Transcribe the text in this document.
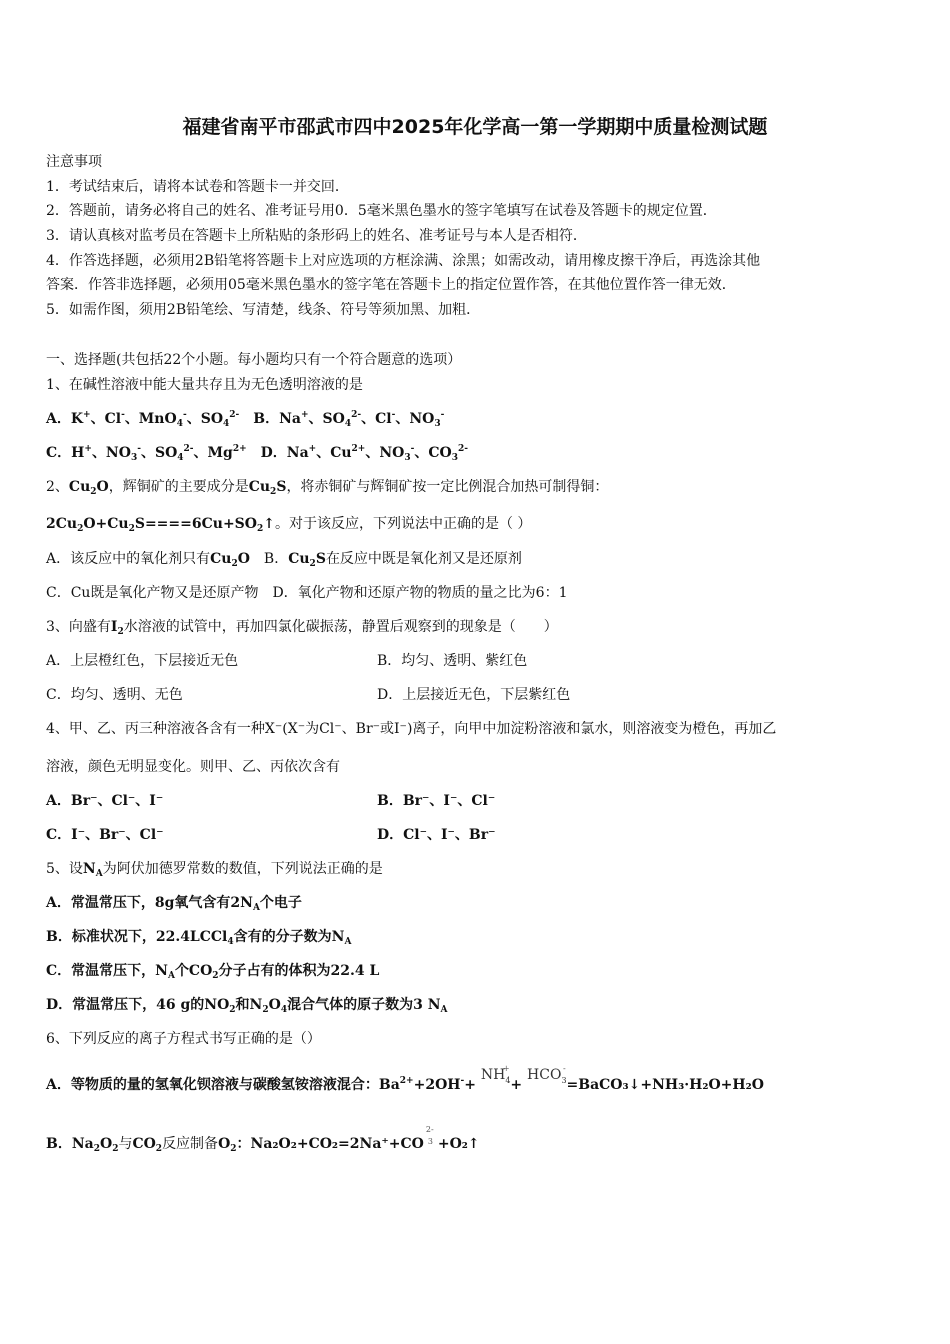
福建省南平市邵武市四中2025年化学高一第一学期期中质量检测试题
注意事项
1．考试结束后，请将本试卷和答题卡一并交回．
2．答题前，请务必将自己的姓名、准考证号用0．5毫米黑色墨水的签字笔填写在试卷及答题卡的规定位置．
3．请认真核对监考员在答题卡上所粘贴的条形码上的姓名、准考证号与本人是否相符．
4．作答选择题，必须用2B铅笔将答题卡上对应选项的方框涂满、涂黑；如需改动，请用橡皮擦干净后，再选涂其他
答案．作答非选择题，必须用05毫米黑色墨水的签字笔在答题卡上的指定位置作答，在其他位置作答一律无效．
5．如需作图，须用2B铅笔绘、写清楚，线条、符号等须加黑、加粗．
一、选择题(共包括22个小题。每小题均只有一个符合题意的选项）
1、在碱性溶液中能大量共存且为无色透明溶液的是
A．K+、Cl-、MnO$_4$-、$SO_4^{2-}$　 B．Na+、$SO_4^{2-}$、Cl-、$NO_3^-$
C．H+、$NO_3^-$、$SO_4^{2-}$、$Mg^{2+}$　 D．Na+、$Cu^{2+}$、$NO_3^-$、$CO_3^{2-}$
2、$Cu_2O$，辉铜矿的主要成分是$Cu_2S$，将赤铜矿与辉铜矿按一定比例混合加热可制得铜：
$2Cu_2O+Cu_2S====6Cu+SO_2↑$。对于该反应，下列说法中正确的是（ ）
A．该反应中的氧化剂只有$Cu_2O$　 B．$Cu_2S$在反应中既是氧化剂又是还原剂
C．Cu既是氧化产物又是还原产物　 D．氧化产物和还原产物的物质的量之比为6：1
3、向盛有$I_2$水溶液的试管中，再加四氯化碳振荡，静置后观察到的现象是（　　）
A．上层橙红色，下层接近无色	B．均匀、透明、紫红色
C．均匀、透明、无色	D．上层接近无色，下层紫红色
4、甲、乙、丙三种溶液各含有一种X⁻(X⁻为Cl⁻、Br⁻或I⁻)离子，向甲中加淀粉溶液和氯水，则溶液变为橙色，再加乙
溶液，颜色无明显变化。则甲、乙、丙依次含有
A．Br⁻、Cl⁻、I⁻	B．Br⁻、I⁻、Cl⁻
C．I⁻、Br⁻、Cl⁻	D．Cl⁻、I⁻、Br⁻
5、设$N_A$为阿伏加德罗常数的数值，下列说法正确的是
A．常温常压下，8g氧气含有$2N_A$个电子
B．标准状况下，22.4LCCl$_4$含有的分子数为$N_A$
C．常温常压下，$N_A$个$CO_2$分子占有的体积为22.4 L
D．常温常压下，46 g的$NO_2$和$N_2O_4$混合气体的原子数为3 $N_A$
6、下列反应的离子方程式书写正确的是（）
A．等物质的量的氢氧化钡溶液与碳酸氢铵溶液混合：$Ba^{2+}+2OH^-+ NH_4$
+
+ $HCO_3$
-
=BaCO₃↓+NH₃·H₂O+H₂O
B．$Na_2O_2$与$CO_2$反应制备$O_2$：Na₂O₂+CO₂=2Na⁺+CO
2-
3 +O₂↑
